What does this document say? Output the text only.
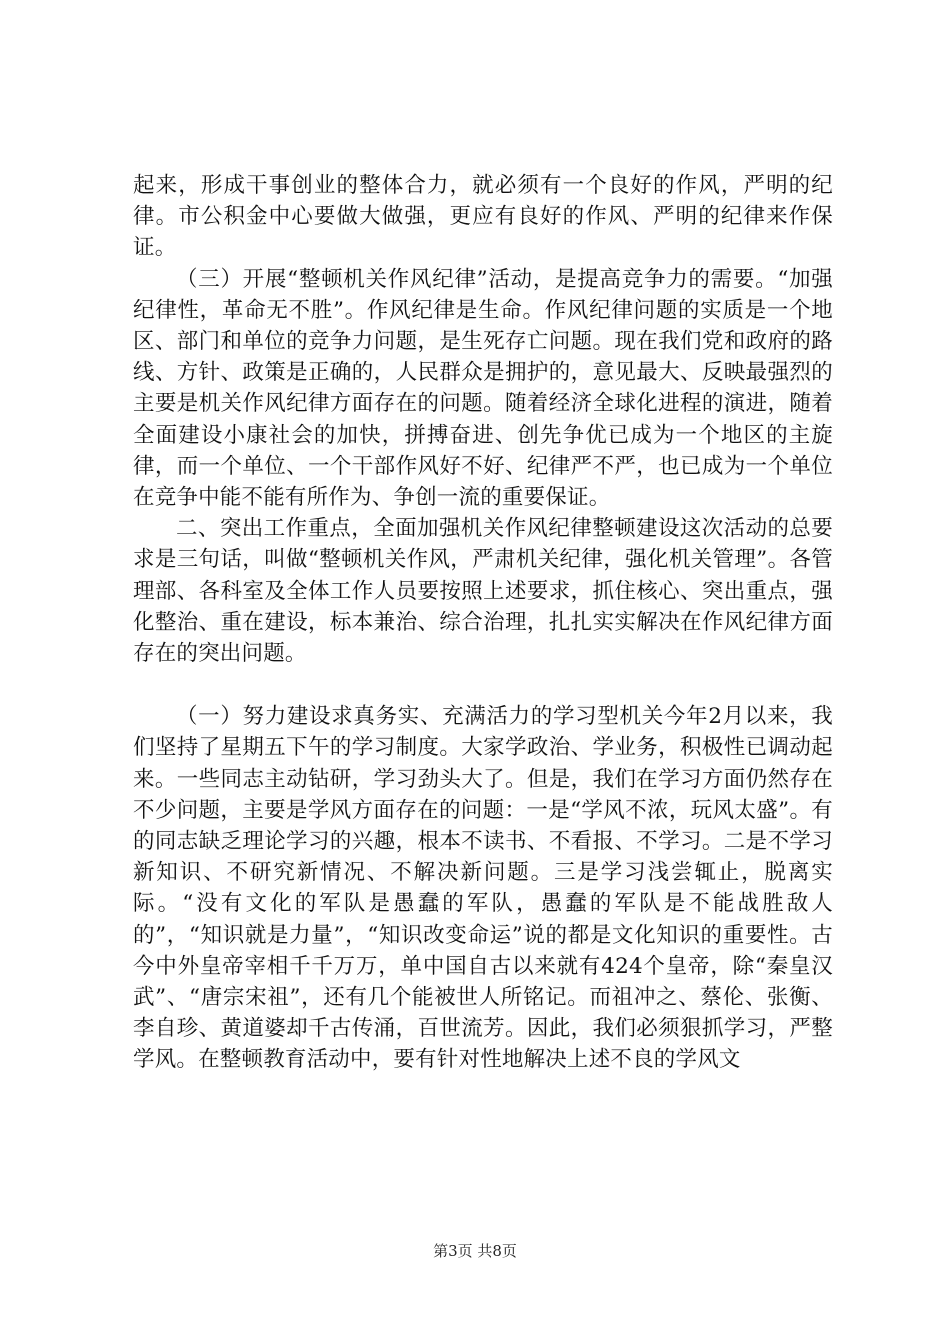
起来，形成干事创业的整体合力，就必须有一个良好的作风，严明的纪律。市公积金中心要做大做强，更应有良好的作风、严明的纪律来作保证。

（三）开展“整顿机关作风纪律”活动，是提高竞争力的需要。“加强纪律性，革命无不胜”。作风纪律是生命。作风纪律问题的实质是一个地区、部门和单位的竞争力问题，是生死存亡问题。现在我们党和政府的路线、方针、政策是正确的，人民群众是拥护的，意见最大、反映最强烈的主要是机关作风纪律方面存在的问题。随着经济全球化进程的演进，随着全面建设小康社会的加快，拼搏奋进、创先争优已成为一个地区的主旋律，而一个单位、一个干部作风好不好、纪律严不严，也已成为一个单位在竞争中能不能有所作为、争创一流的重要保证。

二、突出工作重点，全面加强机关作风纪律整顿建设这次活动的总要求是三句话，叫做“整顿机关作风，严肃机关纪律，强化机关管理”。各管理部、各科室及全体工作人员要按照上述要求，抓住核心、突出重点，强化整治、重在建设，标本兼治、综合治理，扎扎实实解决在作风纪律方面存在的突出问题。

（一）努力建设求真务实、充满活力的学习型机关今年2月以来，我们坚持了星期五下午的学习制度。大家学政治、学业务，积极性已调动起来。一些同志主动钻研，学习劲头大了。但是，我们在学习方面仍然存在不少问题，主要是学风方面存在的问题：一是“学风不浓，玩风太盛”。有的同志缺乏理论学习的兴趣，根本不读书、不看报、不学习。二是不学习新知识、不研究新情况、不解决新问题。三是学习浅尝辄止，脱离实际。“没有文化的军队是愚蠢的军队，愚蠢的军队是不能战胜敌人的”，“知识就是力量”，“知识改变命运”说的都是文化知识的重要性。古今中外皇帝宰相千千万万，单中国自古以来就有424个皇帝，除“秦皇汉武”、“唐宗宋祖”，还有几个能被世人所铭记。而祖冲之、蔡伦、张衡、李自珍、黄道婆却千古传涌，百世流芳。因此，我们必须狠抓学习，严整学风。在整顿教育活动中，要有针对性地解决上述不良的学风文

第3页 共8页
